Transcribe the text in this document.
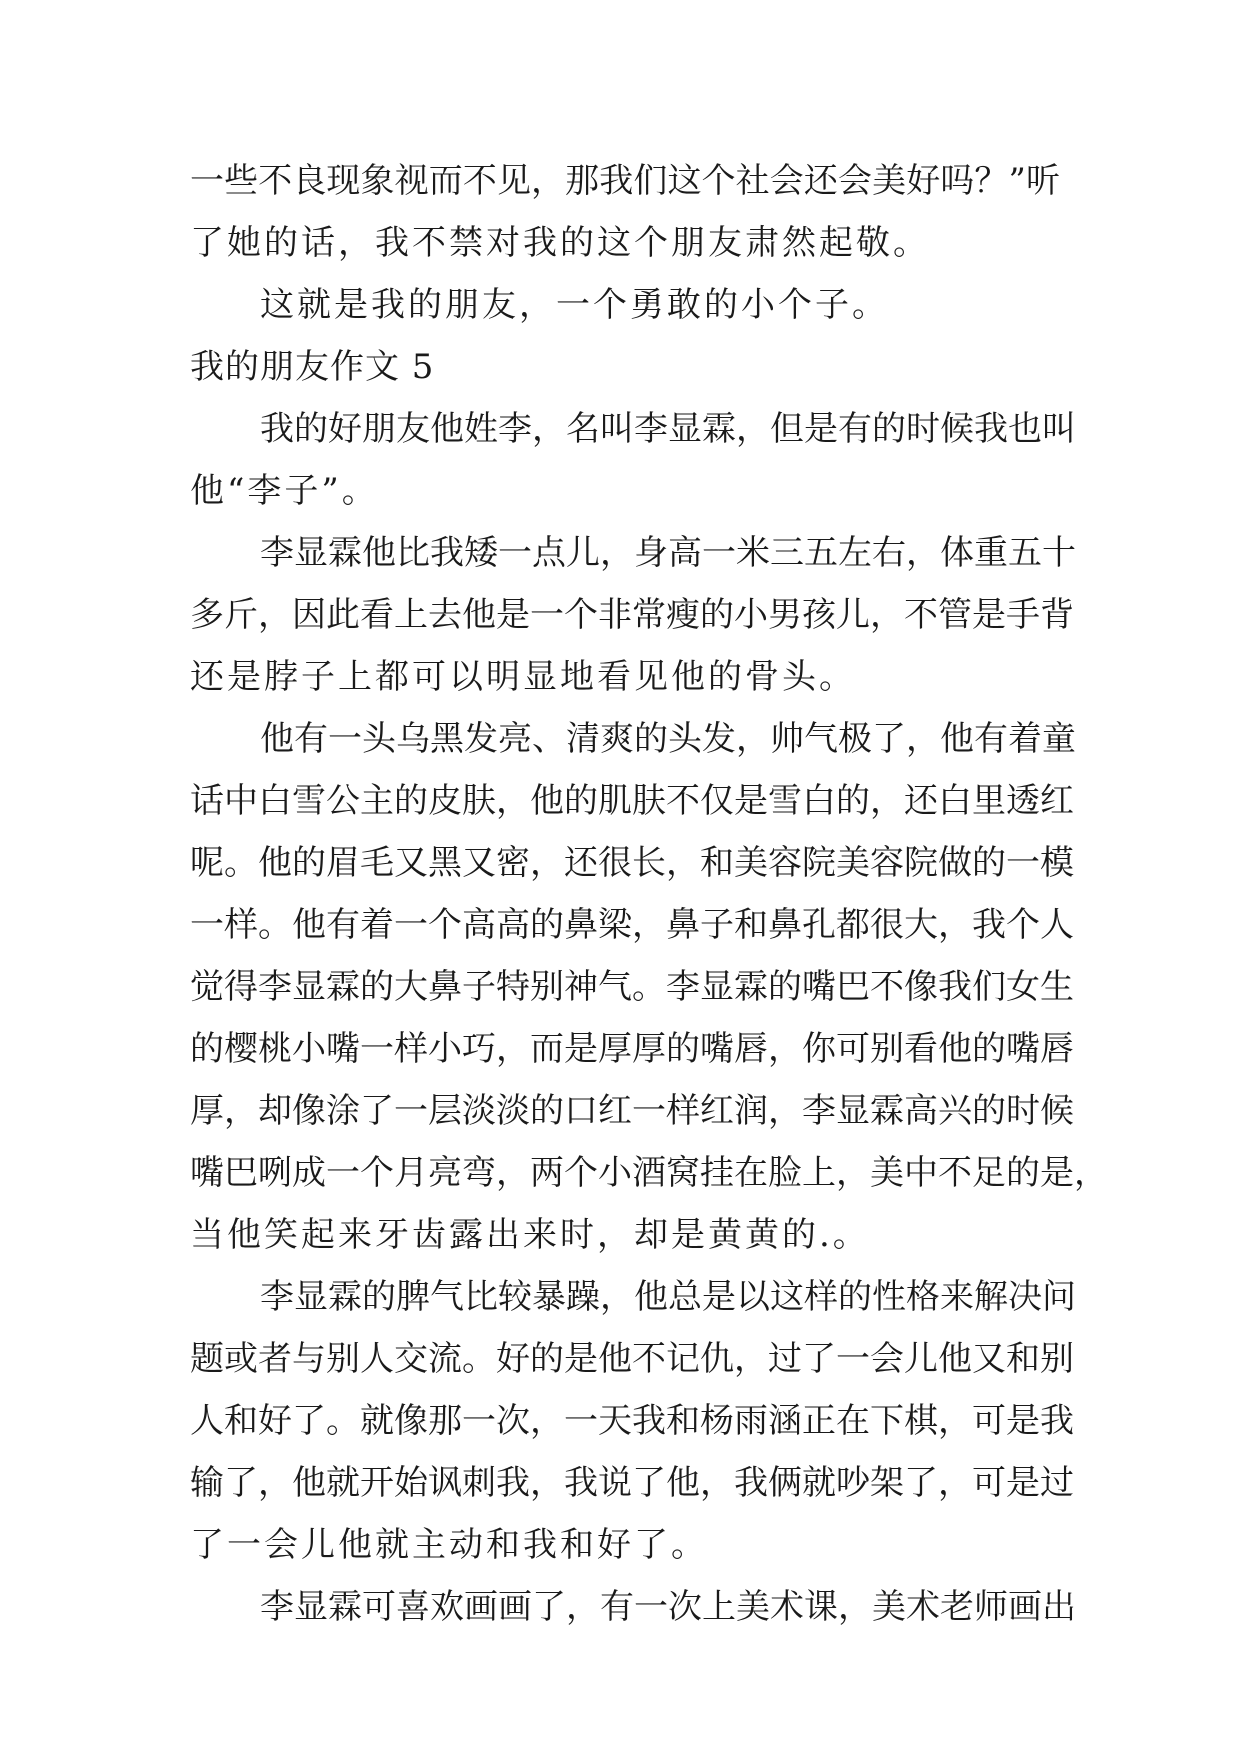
一些不良现象视而不见，那我们这个社会还会美好吗？”听

了她的话，我不禁对我的这个朋友肃然起敬。

这就是我的朋友，一个勇敢的小个子。

我的朋友作文 5

我的好朋友他姓李，名叫李显霖，但是有的时候我也叫

他“李子”。

李显霖他比我矮一点儿，身高一米三五左右，体重五十

多斤，因此看上去他是一个非常瘦的小男孩儿，不管是手背

还是脖子上都可以明显地看见他的骨头。

他有一头乌黑发亮、清爽的头发，帅气极了，他有着童

话中白雪公主的皮肤，他的肌肤不仅是雪白的，还白里透红

呢。他的眉毛又黑又密，还很长，和美容院美容院做的一模

一样。他有着一个高高的鼻梁，鼻子和鼻孔都很大，我个人

觉得李显霖的大鼻子特别神气。李显霖的嘴巴不像我们女生

的樱桃小嘴一样小巧，而是厚厚的嘴唇，你可别看他的嘴唇

厚，却像涂了一层淡淡的口红一样红润，李显霖高兴的时候

嘴巴咧成一个月亮弯，两个小酒窝挂在脸上，美中不足的是，

当他笑起来牙齿露出来时，却是黄黄的.。

李显霖的脾气比较暴躁，他总是以这样的性格来解决问

题或者与别人交流。好的是他不记仇，过了一会儿他又和别

人和好了。就像那一次，一天我和杨雨涵正在下棋，可是我

输了，他就开始讽刺我，我说了他，我俩就吵架了，可是过

了一会儿他就主动和我和好了。

李显霖可喜欢画画了，有一次上美术课，美术老师画出
